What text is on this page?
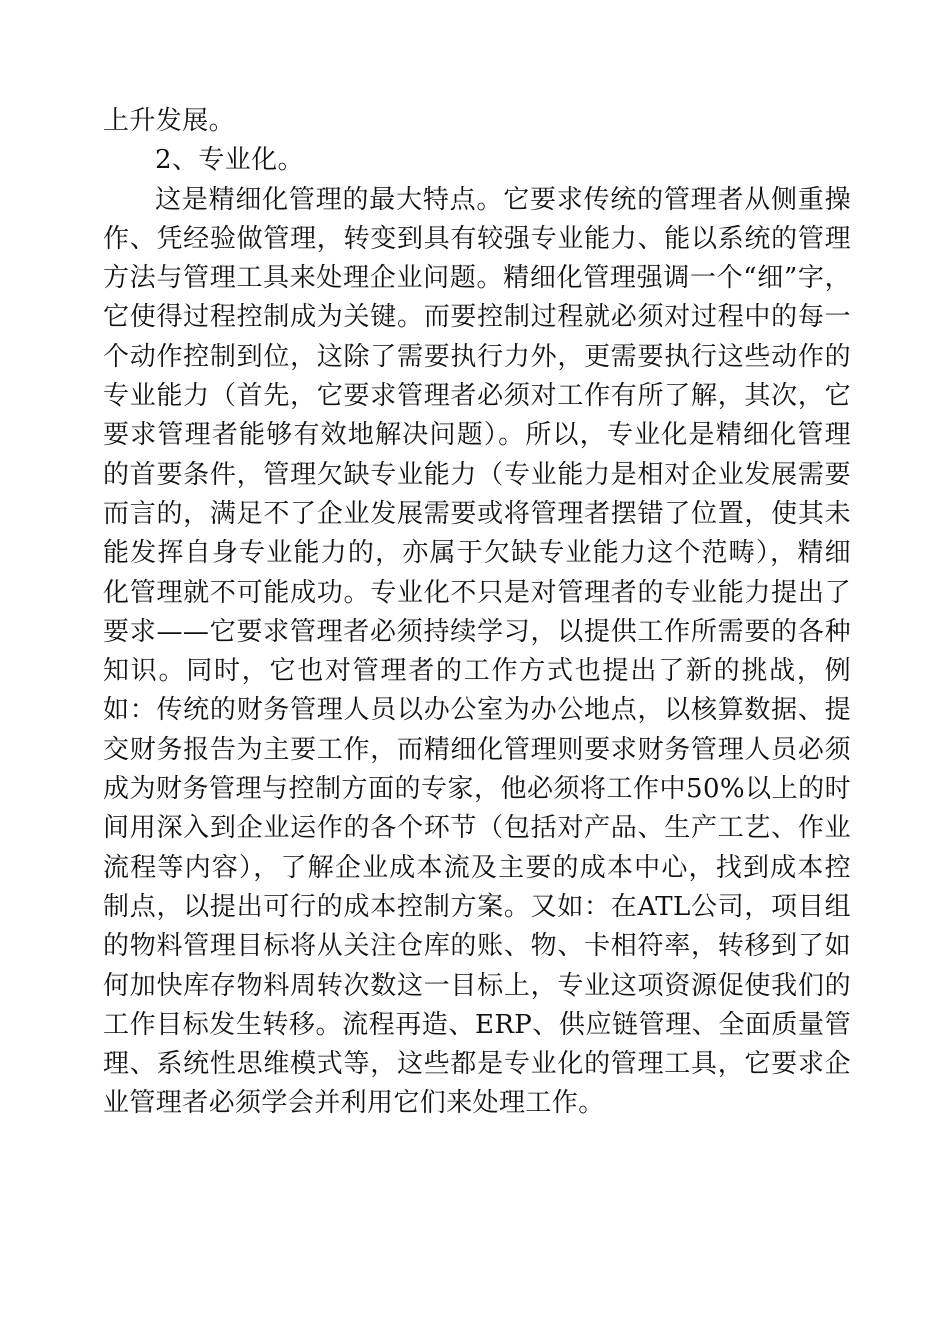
上升发展。

2、专业化。

这是精细化管理的最大特点。它要求传统的管理者从侧重操作、凭经验做管理，转变到具有较强专业能力、能以系统的管理方法与管理工具来处理企业问题。精细化管理强调一个“细”字，它使得过程控制成为关键。而要控制过程就必须对过程中的每一个动作控制到位，这除了需要执行力外，更需要执行这些动作的专业能力（首先，它要求管理者必须对工作有所了解，其次，它要求管理者能够有效地解决问题）。所以，专业化是精细化管理的首要条件，管理欠缺专业能力（专业能力是相对企业发展需要而言的，满足不了企业发展需要或将管理者摆错了位置，使其未能发挥自身专业能力的，亦属于欠缺专业能力这个范畴），精细化管理就不可能成功。专业化不只是对管理者的专业能力提出了要求——它要求管理者必须持续学习，以提供工作所需要的各种知识。同时，它也对管理者的工作方式也提出了新的挑战，例如：传统的财务管理人员以办公室为办公地点，以核算数据、提交财务报告为主要工作，而精细化管理则要求财务管理人员必须成为财务管理与控制方面的专家，他必须将工作中50%以上的时间用深入到企业运作的各个环节（包括对产品、生产工艺、作业流程等内容），了解企业成本流及主要的成本中心，找到成本控制点，以提出可行的成本控制方案。又如：在ATL公司，项目组的物料管理目标将从关注仓库的账、物、卡相符率，转移到了如何加快库存物料周转次数这一目标上，专业这项资源促使我们的工作目标发生转移。流程再造、ERP、供应链管理、全面质量管理、系统性思维模式等，这些都是专业化的管理工具，它要求企业管理者必须学会并利用它们来处理工作。
